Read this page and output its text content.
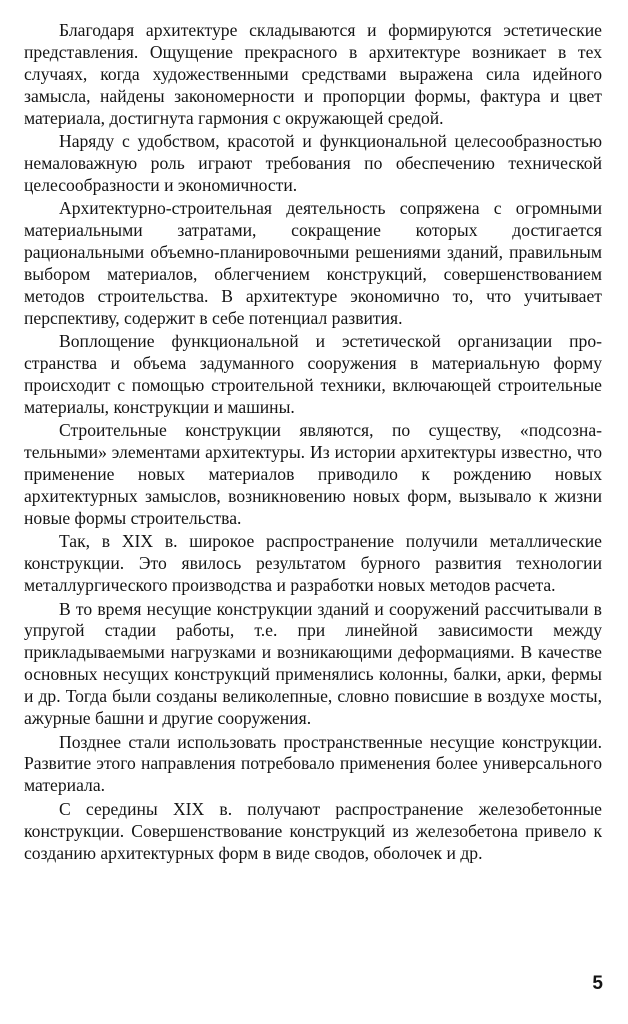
Благодаря архитектуре складываются и формируются эстетические представления. Ощущение прекрасного в архитектуре возникает в тех случаях, когда художественными средствами выражена сила идейного замысла, найдены закономерности и пропорции формы, фактура и цвет материала, достигнута гармония с окружающей средой.

Наряду с удобством, красотой и функциональной целесообразностью немаловажную роль играют требования по обеспечению технической целесообразности и экономичности.

Архитектурно-строительная деятельность сопряжена с огромными материальными затратами, сокращение которых достигается рациональными объемно-планировочными решениями зданий, правильным выбором материалов, облегчением конструкций, совершенствованием методов строительства. В архитектуре экономично то, что учитывает перспективу, содержит в себе потенциал развития.

Воплощение функциональной и эстетической организации пространства и объема задуманного сооружения в материальную форму происходит с помощью строительной техники, включающей строительные материалы, конструкции и машины.

Строительные конструкции являются, по существу, «подсознательными» элементами архитектуры. Из истории архитектуры известно, что применение новых материалов приводило к рождению новых архитектурных замыслов, возникновению новых форм, вызывало к жизни новые формы строительства.

Так, в XIX в. широкое распространение получили металлические конструкции. Это явилось результатом бурного развития технологии металлургического производства и разработки новых методов расчета.

В то время несущие конструкции зданий и сооружений рассчитывали в упругой стадии работы, т.е. при линейной зависимости между прикладываемыми нагрузками и возникающими деформациями. В качестве основных несущих конструкций применялись колонны, балки, арки, фермы и др. Тогда были созданы великолепные, словно повисшие в воздухе мосты, ажурные башни и другие сооружения.

Позднее стали использовать пространственные несущие конструкции. Развитие этого направления потребовало применения более универсального материала.

С середины XIX в. получают распространение железобетонные конструкции. Совершенствование конструкций из железобетона привело к созданию архитектурных форм в виде сводов, оболочек и др.

5
